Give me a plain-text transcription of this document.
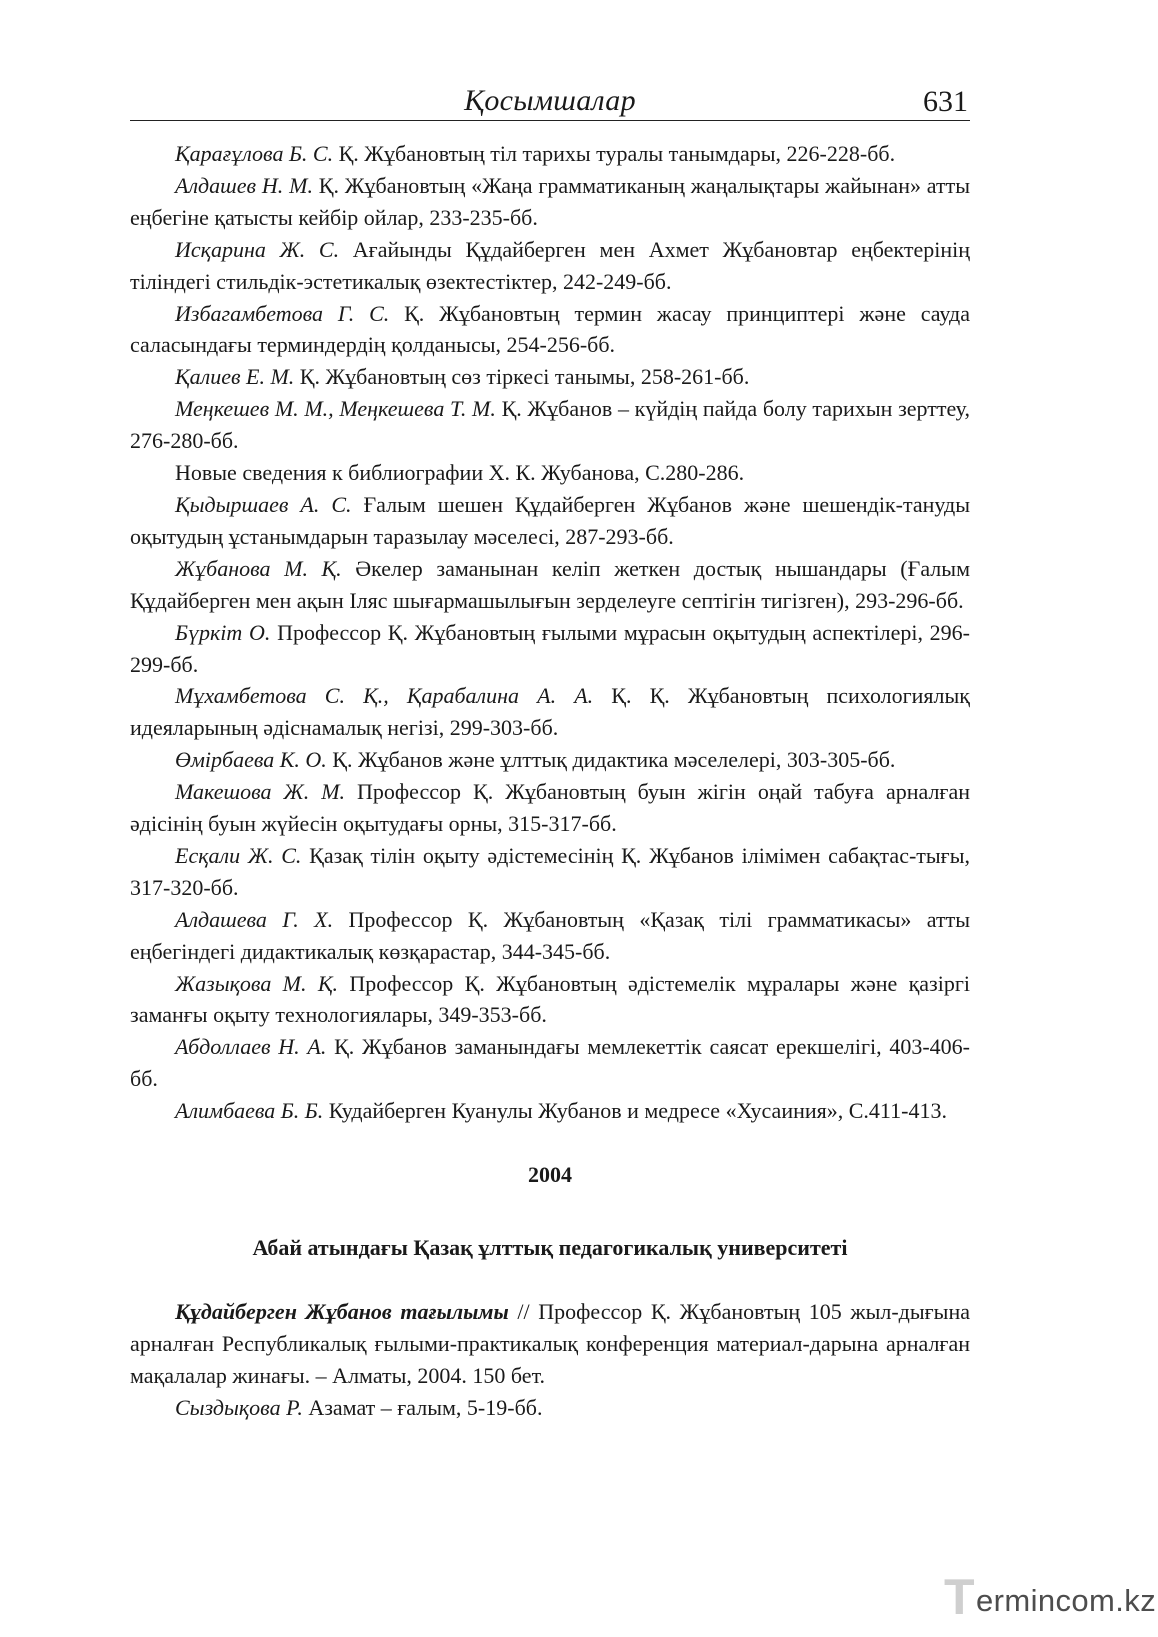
Қосымшалар	631

Қарағұлова Б. С. Қ. Жұбановтың тіл тарихы туралы танымдары, 226-228-бб.

Алдашев Н. М. Қ. Жұбановтың «Жаңа грамматиканың жаңалықтары жайынан» атты еңбегіне қатысты кейбір ойлар, 233-235-бб.

Исқарина Ж. С. Ағайынды Құдайберген мен Ахмет Жұбановтар еңбектерінің тіліндегі стильдік-эстетикалық өзектестіктер, 242-249-бб.

Избагамбетова Г. С. Қ. Жұбановтың термин жасау принциптері және сауда саласындағы терминдердің қолданысы, 254-256-бб.

Қалиев Е. М. Қ. Жұбановтың сөз тіркесі танымы, 258-261-бб.

Меңкешев М. М., Меңкешева Т. М. Қ. Жұбанов – күйдің пайда болу тарихын зерттеу, 276-280-бб.

Новые сведения к библиографии Х. К. Жубанова, С.280-286.

Қыдыршаев А. С. Ғалым шешен Құдайберген Жұбанов және шешендік-тануды оқытудың ұстанымдарын таразылау мәселесі, 287-293-бб.

Жұбанова М. Қ. Әкелер заманынан келіп жеткен достық нышандары (Ғалым Құдайберген мен ақын Іляс шығармашылығын зерделеуге септігін тигізген), 293-296-бб.

Бүркіт О. Профессор Қ. Жұбановтың ғылыми мұрасын оқытудың аспектілері, 296-299-бб.

Мұхамбетова С. Қ., Қарабалина А. А. Қ. Қ. Жұбановтың психологиялық идеяларының әдіснамалық негізі, 299-303-бб.

Өмірбаева К. О. Қ. Жұбанов және ұлттық дидактика мәселелері, 303-305-бб.

Макешова Ж. М. Профессор Қ. Жұбановтың буын жігін оңай табуға арналған әдісінің буын жүйесін оқытудағы орны, 315-317-бб.

Есқали Ж. С. Қазақ тілін оқыту әдістемесінің Қ. Жұбанов ілімімен сабақтас-тығы, 317-320-бб.

Алдашева Г. Х. Профессор Қ. Жұбановтың «Қазақ тілі грамматикасы» атты еңбегіндегі дидактикалық көзқарастар, 344-345-бб.

Жазықова М. Қ. Профессор Қ. Жұбановтың әдістемелік мұралары және қазіргі заманғы оқыту технологиялары, 349-353-бб.

Абдоллаев Н. А. Қ. Жұбанов заманындағы мемлекеттік саясат ерекшелігі, 403-406-бб.

Алимбаева Б. Б. Кудайберген Куанулы Жубанов и медресе «Хусаиния», С.411-413.

2004

Абай атындағы Қазақ ұлттық педагогикалық университеті

Құдайберген Жұбанов тағылымы // Профессор Қ. Жұбановтың 105 жыл-дығына арналған Республикалық ғылыми-практикалық конференция материал-дарына арналған мақалалар жинағы. – Алматы, 2004. 150 бет.

Сыздықова Р. Азамат – ғалым, 5-19-бб.

T ermincom.kz
